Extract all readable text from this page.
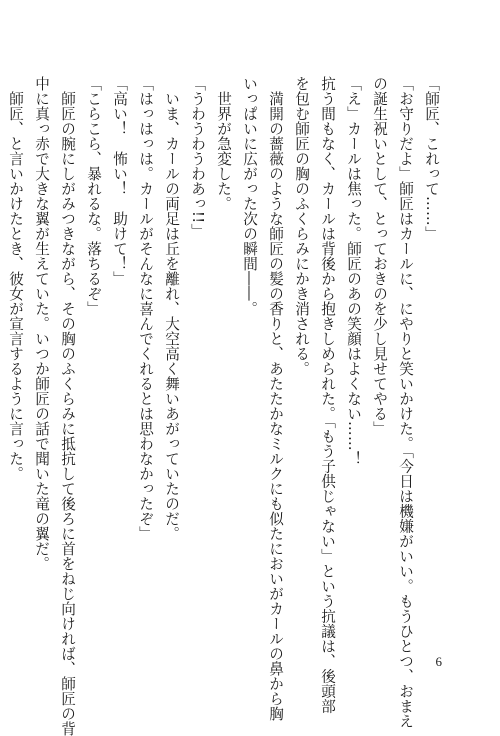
「師匠、これって……」
「お守りだよ」師匠はカールに、にやりと笑いかけた。「今日は機嫌がいい。もうひとつ、おまえ
の誕生祝いとして、とっておきのを少し見せてやる」
「え」カールは焦った。師匠のあの笑顔はよくない……！
抗う間もなく、カールは背後から抱きしめられた。「もう子供じゃない」という抗議は、後頭部
を包む師匠の胸のふくらみにかき消される。
満開の薔薇のような師匠の髪の香りと、あたたかなミルクにも似たにおいがカールの鼻から胸
いっぱいに広がった次の瞬間――。
世界が急変した。
「うわうわうわあっ!!」
いま、カールの両足は丘を離れ、大空高く舞いあがっていたのだ。
「はっはっは。カールがそんなに喜んでくれるとは思わなかったぞ」
「高い！　怖い！　助けて！」
「こらこら、暴れるな。落ちるぞ」
師匠の腕にしがみつきながら、その胸のふくらみに抵抗して後ろに首をねじ向ければ、師匠の背
中に真っ赤で大きな翼が生えていた。いつか師匠の話で聞いた竜の翼だ。
師匠、と言いかけたとき、彼女が宣言するように言った。
6
